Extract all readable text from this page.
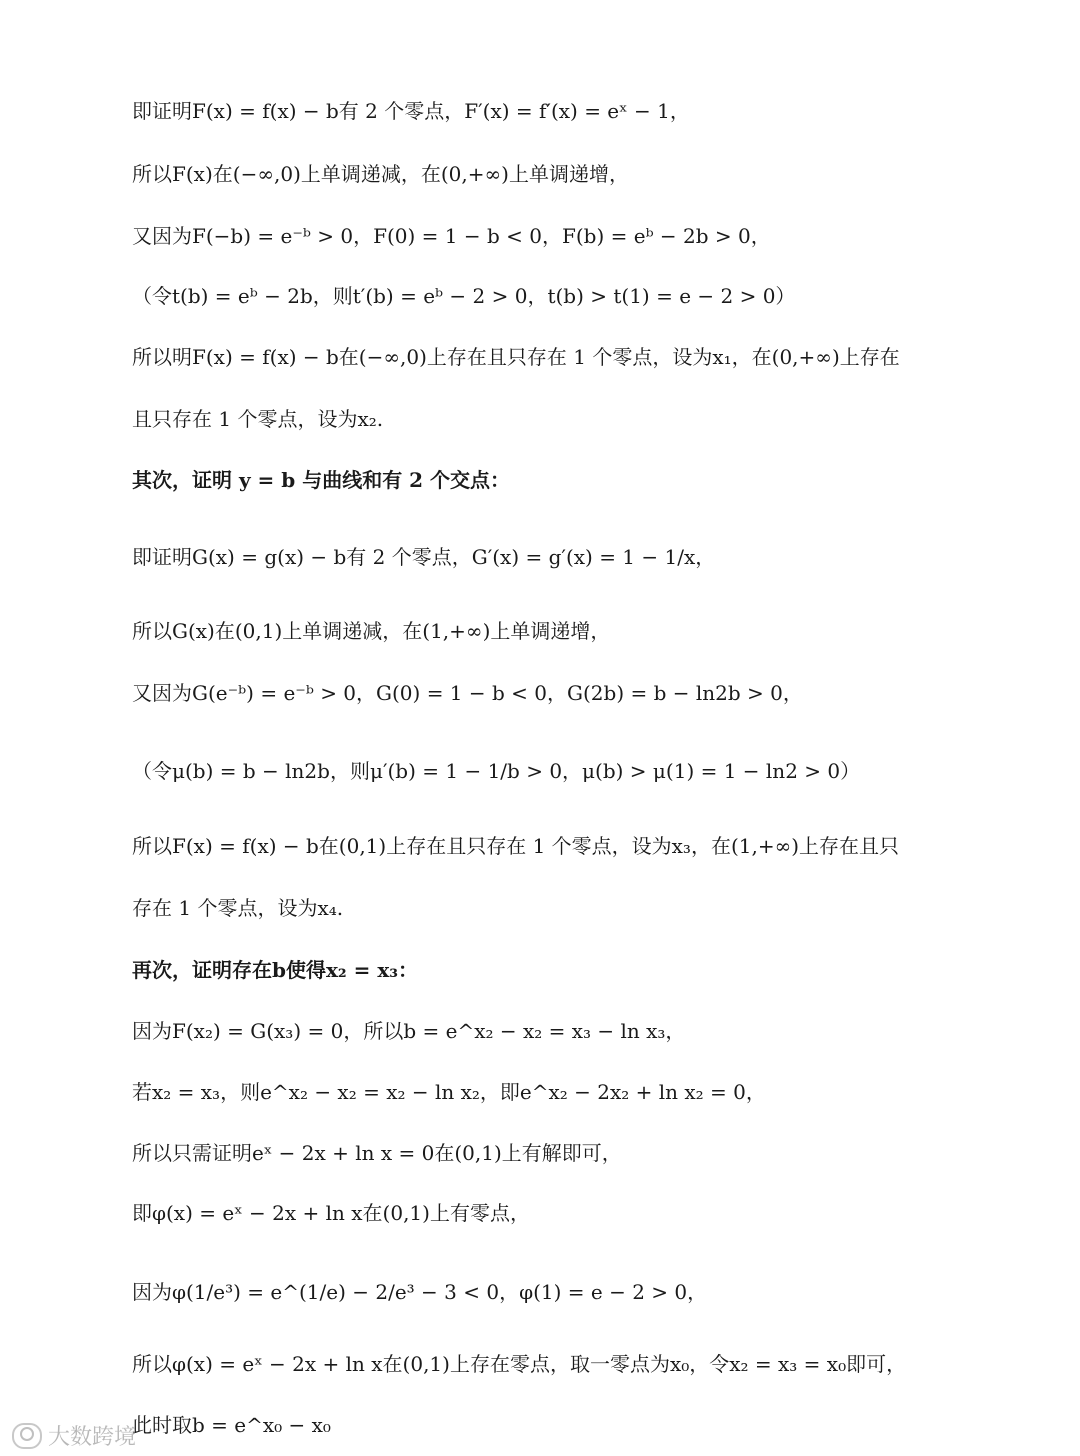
即证明F(x) = f(x) − b有 2 个零点，F′(x) = f′(x) = eˣ − 1，
所以F(x)在(−∞,0)上单调递减，在(0,+∞)上单调递增，
又因为F(−b) = e⁻ᵇ > 0，F(0) = 1 − b < 0，F(b) = eᵇ − 2b > 0，
（令t(b) = eᵇ − 2b，则t′(b) = eᵇ − 2 > 0，t(b) > t(1) = e − 2 > 0）
所以明F(x) = f(x) − b在(−∞,0)上存在且只存在 1 个零点，设为x₁，在(0,+∞)上存在
且只存在 1 个零点，设为x₂.
其次，证明 y = b 与曲线和有 2 个交点：
即证明G(x) = g(x) − b有 2 个零点，G′(x) = g′(x) = 1 − 1/x，
所以G(x)在(0,1)上单调递减，在(1,+∞)上单调递增，
又因为G(e⁻ᵇ) = e⁻ᵇ > 0，G(0) = 1 − b < 0，G(2b) = b − ln2b > 0，
（令μ(b) = b − ln2b，则μ′(b) = 1 − 1/b > 0，μ(b) > μ(1) = 1 − ln2 > 0）
所以F(x) = f(x) − b在(0,1)上存在且只存在 1 个零点，设为x₃，在(1,+∞)上存在且只
存在 1 个零点，设为x₄.
再次，证明存在b使得x₂ = x₃：
因为F(x₂) = G(x₃) = 0，所以b = e^x₂ − x₂ = x₃ − ln x₃，
若x₂ = x₃，则e^x₂ − x₂ = x₂ − ln x₂，即e^x₂ − 2x₂ + ln x₂ = 0，
所以只需证明eˣ − 2x + ln x = 0在(0,1)上有解即可，
即φ(x) = eˣ − 2x + ln x在(0,1)上有零点，
因为φ(1/e³) = e^(1/e) − 2/e³ − 3 < 0，φ(1) = e − 2 > 0，
所以φ(x) = eˣ − 2x + ln x在(0,1)上存在零点，取一零点为x₀，令x₂ = x₃ = x₀即可，
此时取b = e^x₀ − x₀
大数跨境
